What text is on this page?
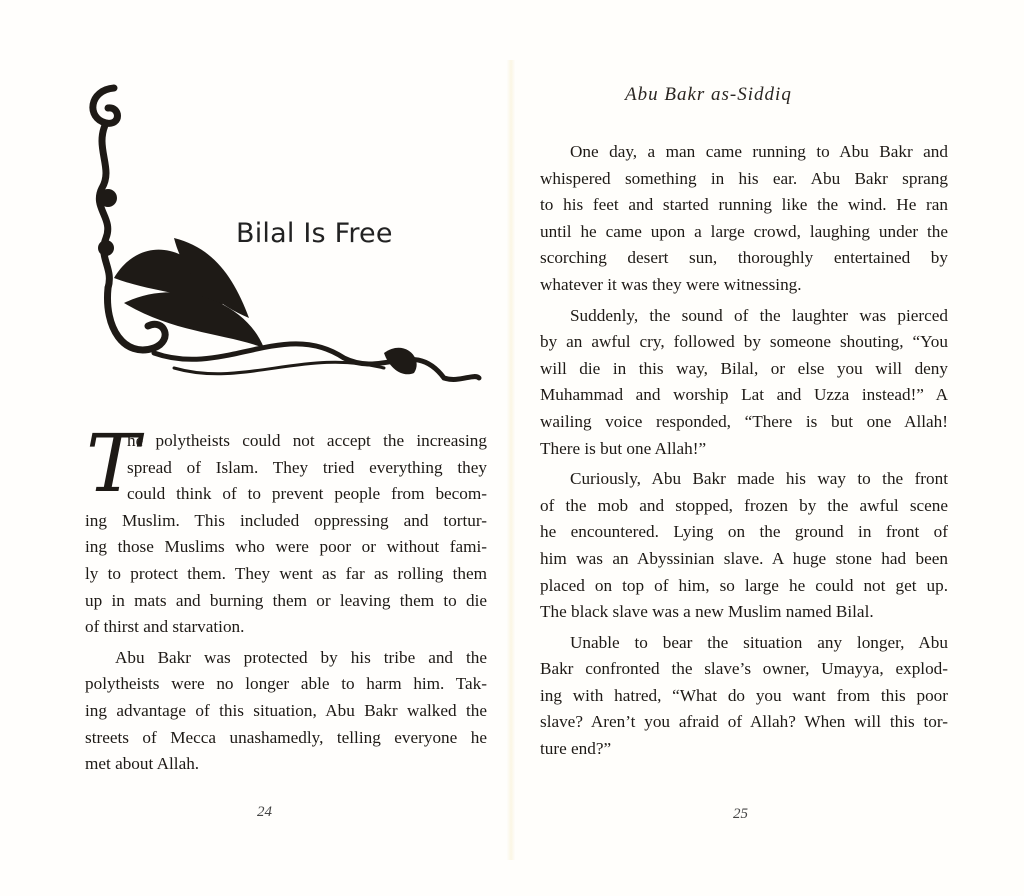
Bilal Is Free
T
he polytheists could not accept the increasing
spread of Islam. They tried everything they
could think of to prevent people from becom-
ing Muslim. This included oppressing and tortur-
ing those Muslims who were poor or without fami-
ly to protect them. They went as far as rolling them
up in mats and burning them or leaving them to die
of thirst and starvation.
Abu Bakr was protected by his tribe and the
polytheists were no longer able to harm him. Tak-
ing advantage of this situation, Abu Bakr walked the
streets of Mecca unashamedly, telling everyone he
met about Allah.
Abu Bakr as-Siddiq
One day, a man came running to Abu Bakr and
whispered something in his ear. Abu Bakr sprang
to his feet and started running like the wind. He ran
until he came upon a large crowd, laughing under the
scorching desert sun, thoroughly entertained by
whatever it was they were witnessing.
Suddenly, the sound of the laughter was pierced
by an awful cry, followed by someone shouting, “You
will die in this way, Bilal, or else you will deny
Muhammad and worship Lat and Uzza instead!” A
wailing voice responded, “There is but one Allah!
There is but one Allah!”
Curiously, Abu Bakr made his way to the front
of the mob and stopped, frozen by the awful scene
he encountered. Lying on the ground in front of
him was an Abyssinian slave. A huge stone had been
placed on top of him, so large he could not get up.
The black slave was a new Muslim named Bilal.
Unable to bear the situation any longer, Abu
Bakr confronted the slave’s owner, Umayya, explod-
ing with hatred, “What do you want from this poor
slave? Aren’t you afraid of Allah? When will this tor-
ture end?”
24	25
